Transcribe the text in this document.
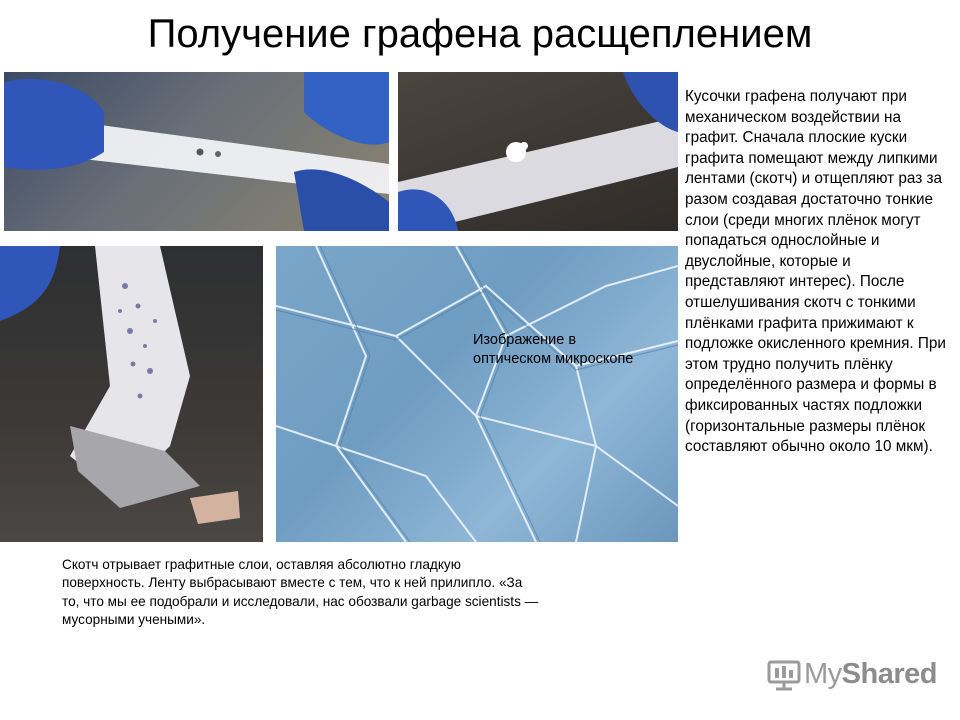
Получение графена расщеплением
Изображение в
оптическом микроскопе

Кусочки графена получают при механическом воздействии на графит. Сначала плоские куски графита помещают между липкими лентами (скотч) и отщепляют раз за разом создавая достаточно тонкие слои (среди многих плёнок могут попадаться однослойные и двуслойные, которые и представляют интерес). После отшелушивания скотч с тонкими плёнками графита прижимают к подложке окисленного кремния. При этом трудно получить плёнку определённого размера и формы в фиксированных частях подложки (горизонтальные размеры плёнок составляют обычно около 10 мкм).

Скотч отрывает графитные слои, оставляя абсолютно гладкую поверхность. Ленту выбрасывают вместе с тем, что к ней прилипло. «За то, что мы ее подобрали и исследовали, нас обозвали garbage scientists — мусорными учеными».

MyShared
